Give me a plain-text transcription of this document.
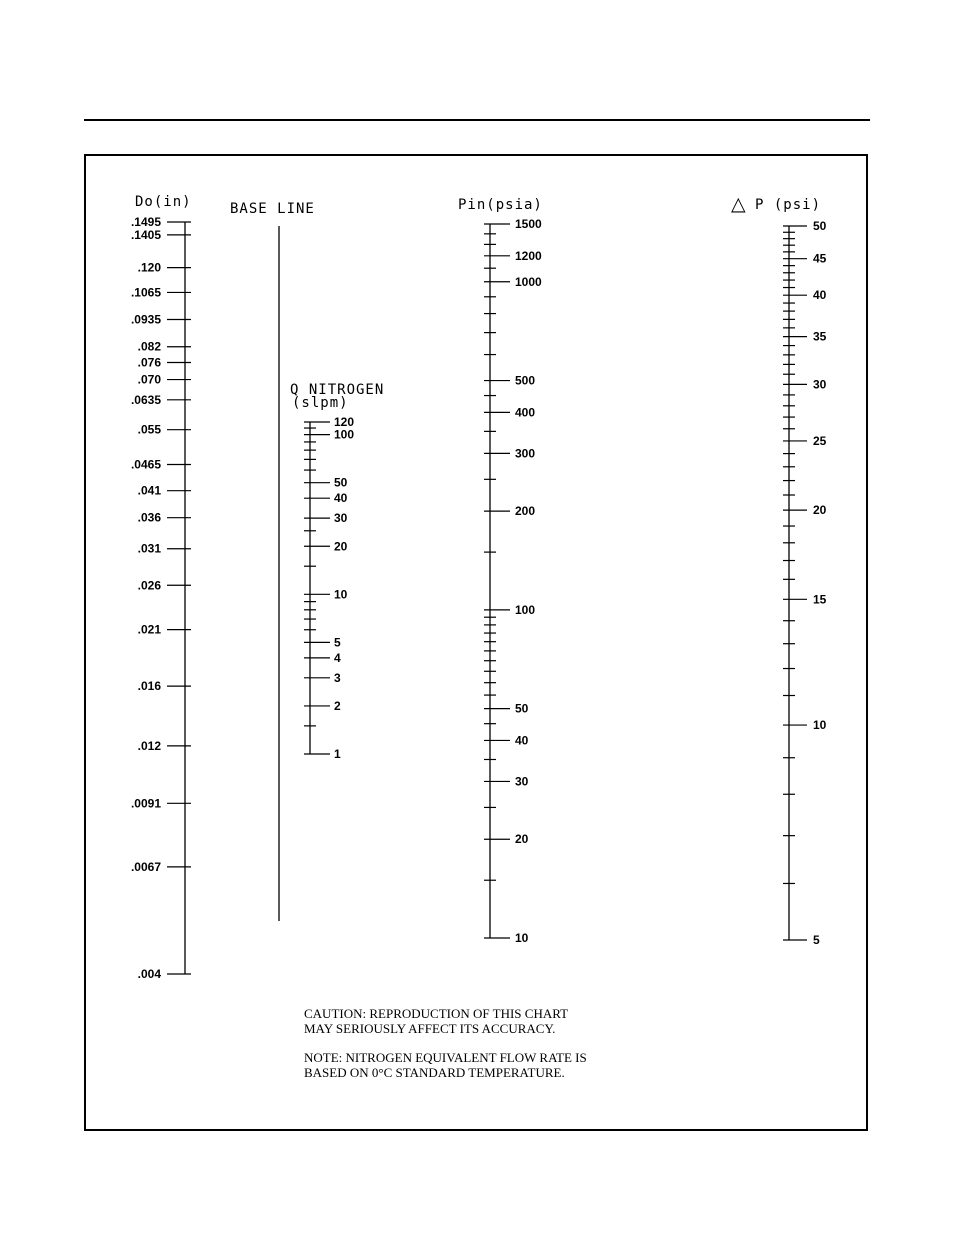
Do(in)
.1495
.1405
.120
.1065
.0935
.082
.076
.070
.0635
.055
.0465
.041
.036
.031
.026
.021
.016
.012
.0091
.0067
.004
BASE LINE
Q NITROGEN
(slpm)
120
100
50
40
30
20
10
5
4
3
2
1
Pin(psia)
1500
1200
1000
500
400
300
200
100
50
40
30
20
10
△ P (psi)
50
45
40
35
30
25
20
15
10
5

CAUTION: REPRODUCTION OF THIS CHART

MAY SERIOUSLY AFFECT ITS ACCURACY.

NOTE: NITROGEN EQUIVALENT FLOW RATE IS

BASED ON 0°C STANDARD TEMPERATURE.
